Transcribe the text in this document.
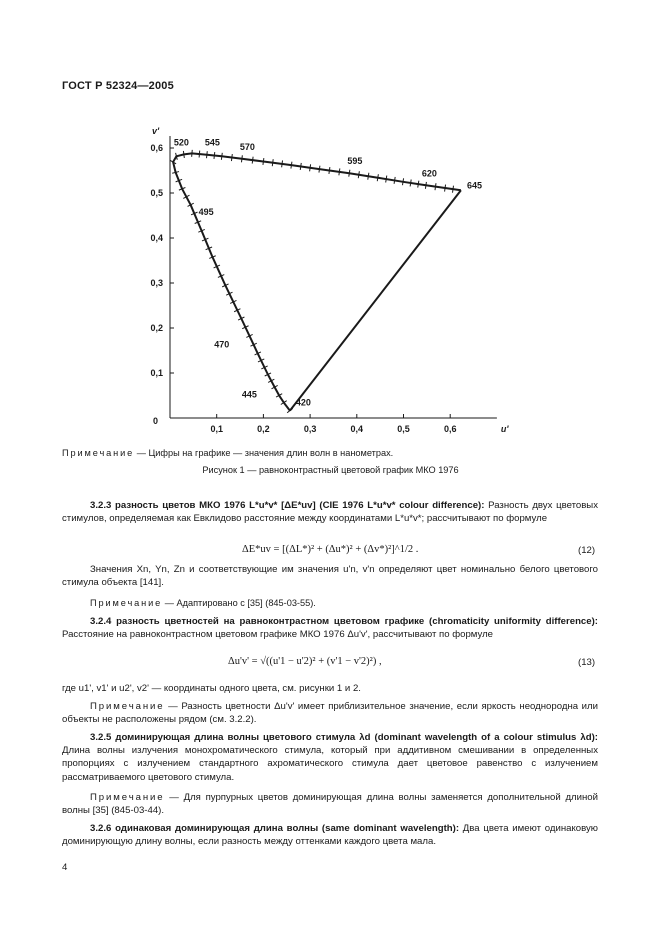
ГОСТ Р 52324—2005
0,1	0,2	0,3	0,4	0,5	0,6
0,1
0,2
0,3
0,4
0,5
0,6
0
v'
u'
420
445
470
495
520 545 570
595
620
645
Примечание — Цифры на графике — значения длин волн в нанометрах.
Рисунок 1 — равноконтрастный цветовой график МКО 1976
3.2.3 разность цветов МКО 1976 L*u*v* [ΔE*uv] (CIE 1976 L*u*v* colour difference): Разность двух цветовых стимулов, определяемая как Евклидово расстояние между координатами L*u*v*; рассчитывают по формуле
ΔE*uv = [(ΔL*)² + (Δu*)² + (Δv*)²]^1/2 .	(12)
Значения Xn, Yn, Zn и соответствующие им значения u'n, v'n определяют цвет номинально белого цветового стимула объекта [141].
Примечание — Адаптировано с [35] (845-03-55).
3.2.4 разность цветностей на равноконтрастном цветовом графике (chromaticity uniformity difference): Расстояние на равноконтрастном цветовом графике МКО 1976 Δu'v', рассчитывают по формуле
Δu'v' = √((u'1 − u'2)² + (v'1 − v'2)²) ,	(13)
где u1', v1' и u2', v2' — координаты одного цвета, см. рисунки 1 и 2.
Примечание — Разность цветности Δu'v' имеет приблизительное значение, если яркость неоднородна или объекты не расположены рядом (см. 3.2.2).
3.2.5 доминирующая длина волны цветового стимула λd (dominant wavelength of a colour stimulus λd): Длина волны излучения монохроматического стимула, который при аддитивном смешивании в определенных пропорциях с излучением стандартного ахроматического стимула дает цветовое равенство с излучением рассматриваемого цветового стимула.
Примечание — Для пурпурных цветов доминирующая длина волны заменяется дополнительной длиной волны [35] (845-03-44).
3.2.6 одинаковая доминирующая длина волны (same dominant wavelength): Два цвета имеют одинаковую доминирующую длину волны, если разность между оттенками каждого цвета мала.
4
